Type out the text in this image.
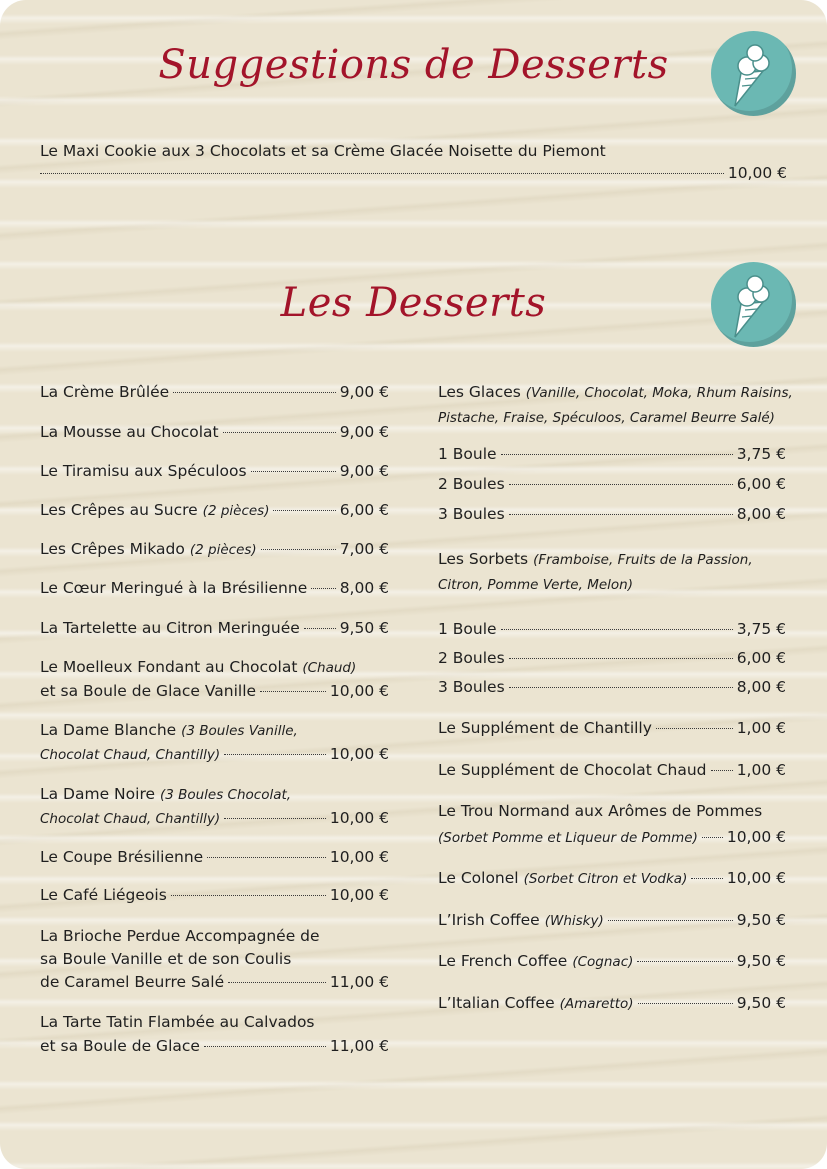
Suggestions de Desserts
Le Maxi Cookie aux 3 Chocolats et sa Crème Glacée Noisette du Piemont
10,00 €
Les Desserts
La Crème Brûlée	9,00 €
La Mousse au Chocolat	9,00 €
Le Tiramisu aux Spéculoos	9,00 €
Les Crêpes au Sucre (2 pièces)	6,00 €
Les Crêpes Mikado (2 pièces)	7,00 €
Le Cœur Meringué à la Brésilienne 8,00 €
La Tartelette au Citron Meringuée	9,50 €
Le Moelleux Fondant au Chocolat (Chaud)
et sa Boule de Glace Vanille	10,00 €
La Dame Blanche (3 Boules Vanille,
Chocolat Chaud, Chantilly)	10,00 €
La Dame Noire (3 Boules Chocolat,
Chocolat Chaud, Chantilly)	10,00 €
Le Coupe Brésilienne	10,00 €
Le Café Liégeois	10,00 €
La Brioche Perdue Accompagnée de
sa Boule Vanille et de son Coulis
de Caramel Beurre Salé	11,00 €
La Tarte Tatin Flambée au Calvados
et sa Boule de Glace	11,00 €
Les Glaces (Vanille, Chocolat, Moka, Rhum Raisins,
Pistache, Fraise, Spéculoos, Caramel Beurre Salé)
1 Boule	3,75 €
2 Boules	6,00 €
3 Boules	8,00 €
Les Sorbets (Framboise, Fruits de la Passion,
Citron, Pomme Verte, Melon)
1 Boule	3,75 €
2 Boules	6,00 €
3 Boules	8,00 €
Le Supplément de Chantilly	1,00 €
Le Supplément de Chocolat Chaud 1,00 €
Le Trou Normand aux Arômes de Pommes
(Sorbet Pomme et Liqueur de Pomme) 10,00 €
Le Colonel (Sorbet Citron et Vodka)	10,00 €
L’Irish Coffee (Whisky)	9,50 €
Le French Coffee (Cognac)	9,50 €
L’Italian Coffee (Amaretto)	9,50 €
